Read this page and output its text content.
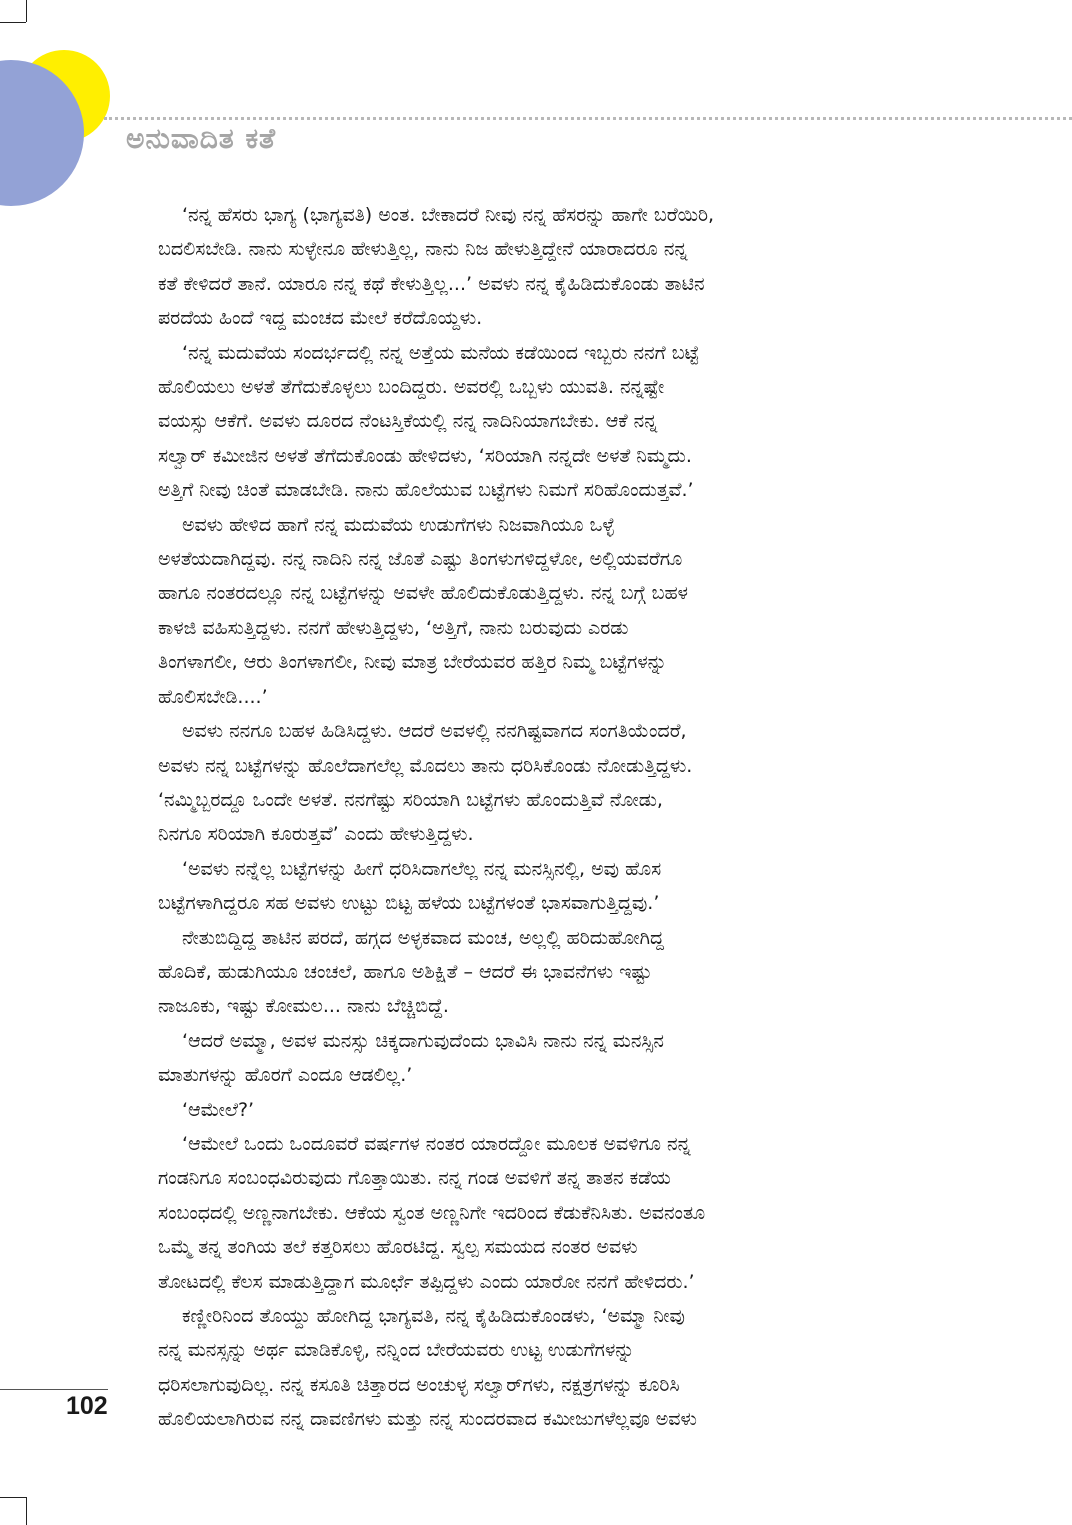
ಅನುವಾದಿತ ಕತೆ

‘ನನ್ನ ಹೆಸರು ಭಾಗ್ಯ (ಭಾಗ್ಯವತಿ) ಅಂತ. ಬೇಕಾದರೆ ನೀವು ನನ್ನ ಹೆಸರನ್ನು ಹಾಗೇ ಬರೆಯಿರಿ,
ಬದಲಿಸಬೇಡಿ. ನಾನು ಸುಳ್ಳೇನೂ ಹೇಳುತ್ತಿಲ್ಲ, ನಾನು ನಿಜ ಹೇಳುತ್ತಿದ್ದೇನೆ ಯಾರಾದರೂ ನನ್ನ
ಕತೆ ಕೇಳಿದರೆ ತಾನೆ. ಯಾರೂ ನನ್ನ ಕಥೆ ಕೇಳುತ್ತಿಲ್ಲ...’ ಅವಳು ನನ್ನ ಕೈಹಿಡಿದುಕೊಂಡು ತಾಟಿನ
ಪರದೆಯ ಹಿಂದೆ ಇದ್ದ ಮಂಚದ ಮೇಲೆ ಕರೆದೊಯ್ದಳು.

‘ನನ್ನ ಮದುವೆಯ ಸಂದರ್ಭದಲ್ಲಿ ನನ್ನ ಅತ್ತೆಯ ಮನೆಯ ಕಡೆಯಿಂದ ಇಬ್ಬರು ನನಗೆ ಬಟ್ಟೆ
ಹೊಲಿಯಲು ಅಳತೆ ತೆಗೆದುಕೊಳ್ಳಲು ಬಂದಿದ್ದರು. ಅವರಲ್ಲಿ ಒಬ್ಬಳು ಯುವತಿ. ನನ್ನಷ್ಟೇ
ವಯಸ್ಸು ಆಕೆಗೆ. ಅವಳು ದೂರದ ನೆಂಟಸ್ತಿಕೆಯಲ್ಲಿ ನನ್ನ ನಾದಿನಿಯಾಗಬೇಕು. ಆಕೆ ನನ್ನ
ಸಲ್ವಾರ್ ಕಮೀಜಿನ ಅಳತೆ ತೆಗೆದುಕೊಂಡು ಹೇಳಿದಳು, ‘ಸರಿಯಾಗಿ ನನ್ನದೇ ಅಳತೆ ನಿಮ್ಮದು.
ಅತ್ತಿಗೆ ನೀವು ಚಿಂತೆ ಮಾಡಬೇಡಿ. ನಾನು ಹೊಲೆಯುವ ಬಟ್ಟೆಗಳು ನಿಮಗೆ ಸರಿಹೊಂದುತ್ತವೆ.’

ಅವಳು ಹೇಳಿದ ಹಾಗೆ ನನ್ನ ಮದುವೆಯ ಉಡುಗೆಗಳು ನಿಜವಾಗಿಯೂ ಒಳ್ಳೆ
ಅಳತೆಯದಾಗಿದ್ದವು. ನನ್ನ ನಾದಿನಿ ನನ್ನ ಜೊತೆ ಎಷ್ಟು ತಿಂಗಳುಗಳಿದ್ದಳೋ, ಅಲ್ಲಿಯವರೆಗೂ
ಹಾಗೂ ನಂತರದಲ್ಲೂ ನನ್ನ ಬಟ್ಟೆಗಳನ್ನು ಅವಳೇ ಹೊಲಿದುಕೊಡುತ್ತಿದ್ದಳು. ನನ್ನ ಬಗ್ಗೆ ಬಹಳ
ಕಾಳಜಿ ವಹಿಸುತ್ತಿದ್ದಳು. ನನಗೆ ಹೇಳುತ್ತಿದ್ದಳು, ‘ಅತ್ತಿಗೆ, ನಾನು ಬರುವುದು ಎರಡು
ತಿಂಗಳಾಗಲೀ, ಆರು ತಿಂಗಳಾಗಲೀ, ನೀವು ಮಾತ್ರ ಬೇರೆಯವರ ಹತ್ತಿರ ನಿಮ್ಮ ಬಟ್ಟೆಗಳನ್ನು
ಹೊಲಿಸಬೇಡಿ....’

ಅವಳು ನನಗೂ ಬಹಳ ಹಿಡಿಸಿದ್ದಳು. ಆದರೆ ಅವಳಲ್ಲಿ ನನಗಿಷ್ಟವಾಗದ ಸಂಗತಿಯೆಂದರೆ,
ಅವಳು ನನ್ನ ಬಟ್ಟೆಗಳನ್ನು ಹೊಲೆದಾಗಲೆಲ್ಲ ಮೊದಲು ತಾನು ಧರಿಸಿಕೊಂಡು ನೋಡುತ್ತಿದ್ದಳು.
‘ನಮ್ಮಿಬ್ಬರದ್ದೂ ಒಂದೇ ಅಳತೆ. ನನಗೆಷ್ಟು ಸರಿಯಾಗಿ ಬಟ್ಟೆಗಳು ಹೊಂದುತ್ತಿವೆ ನೋಡು,
ನಿನಗೂ ಸರಿಯಾಗಿ ಕೂರುತ್ತವೆ’ ಎಂದು ಹೇಳುತ್ತಿದ್ದಳು.

‘ಅವಳು ನನ್ನೆಲ್ಲ ಬಟ್ಟೆಗಳನ್ನು ಹೀಗೆ ಧರಿಸಿದಾಗಲೆಲ್ಲ ನನ್ನ ಮನಸ್ಸಿನಲ್ಲಿ, ಅವು ಹೊಸ
ಬಟ್ಟೆಗಳಾಗಿದ್ದರೂ ಸಹ ಅವಳು ಉಟ್ಟು ಬಿಟ್ಟ ಹಳೆಯ ಬಟ್ಟೆಗಳಂತೆ ಭಾಸವಾಗುತ್ತಿದ್ದವು.’

ನೇತುಬಿದ್ದಿದ್ದ ತಾಟಿನ ಪರದೆ, ಹಗ್ಗದ ಅಳ್ಳಕವಾದ ಮಂಚ, ಅಲ್ಲಲ್ಲಿ ಹರಿದುಹೋಗಿದ್ದ
ಹೊದಿಕೆ, ಹುಡುಗಿಯೂ ಚಂಚಲೆ, ಹಾಗೂ ಅಶಿಕ್ಷಿತೆ – ಆದರೆ ಈ ಭಾವನೆಗಳು ಇಷ್ಟು
ನಾಜೂಕು, ಇಷ್ಟು ಕೋಮಲ... ನಾನು ಬೆಚ್ಚಿಬಿದ್ದೆ.

‘ಆದರೆ ಅಮ್ಮಾ, ಅವಳ ಮನಸ್ಸು ಚಿಕ್ಕದಾಗುವುದೆಂದು ಭಾವಿಸಿ ನಾನು ನನ್ನ ಮನಸ್ಸಿನ
ಮಾತುಗಳನ್ನು ಹೊರಗೆ ಎಂದೂ ಆಡಲಿಲ್ಲ.’

‘ಆಮೇಲೆ?’

‘ಆಮೇಲೆ ಒಂದು ಒಂದೂವರೆ ವರ್ಷಗಳ ನಂತರ ಯಾರದ್ದೋ ಮೂಲಕ ಅವಳಿಗೂ ನನ್ನ
ಗಂಡನಿಗೂ ಸಂಬಂಧವಿರುವುದು ಗೊತ್ತಾಯಿತು. ನನ್ನ ಗಂಡ ಅವಳಿಗೆ ತನ್ನ ತಾತನ ಕಡೆಯ
ಸಂಬಂಧದಲ್ಲಿ ಅಣ್ಣನಾಗಬೇಕು. ಆಕೆಯ ಸ್ವಂತ ಅಣ್ಣನಿಗೇ ಇದರಿಂದ ಕೆಡುಕೆನಿಸಿತು. ಅವನಂತೂ
ಒಮ್ಮೆ ತನ್ನ ತಂಗಿಯ ತಲೆ ಕತ್ತರಿಸಲು ಹೊರಟಿದ್ದ. ಸ್ವಲ್ಪ ಸಮಯದ ನಂತರ ಅವಳು
ತೋಟದಲ್ಲಿ ಕೆಲಸ ಮಾಡುತ್ತಿದ್ದಾಗ ಮೂರ್ಛೆ ತಪ್ಪಿದ್ದಳು ಎಂದು ಯಾರೋ ನನಗೆ ಹೇಳಿದರು.’

ಕಣ್ಣೀರಿನಿಂದ ತೊಯ್ದು ಹೋಗಿದ್ದ ಭಾಗ್ಯವತಿ, ನನ್ನ ಕೈಹಿಡಿದುಕೊಂಡಳು, ‘ಅಮ್ಮಾ ನೀವು
ನನ್ನ ಮನಸ್ಸನ್ನು ಅರ್ಥ ಮಾಡಿಕೊಳ್ಳಿ, ನನ್ನಿಂದ ಬೇರೆಯವರು ಉಟ್ಟ ಉಡುಗೆಗಳನ್ನು
ಧರಿಸಲಾಗುವುದಿಲ್ಲ. ನನ್ನ ಕಸೂತಿ ಚಿತ್ತಾರದ ಅಂಚುಳ್ಳ ಸಲ್ವಾರ್‌ಗಳು, ನಕ್ಷತ್ರಗಳನ್ನು ಕೂರಿಸಿ
ಹೊಲಿಯಲಾಗಿರುವ ನನ್ನ ದಾವಣಿಗಳು ಮತ್ತು ನನ್ನ ಸುಂದರವಾದ ಕಮೀಜುಗಳೆಲ್ಲವೂ ಅವಳು

102
